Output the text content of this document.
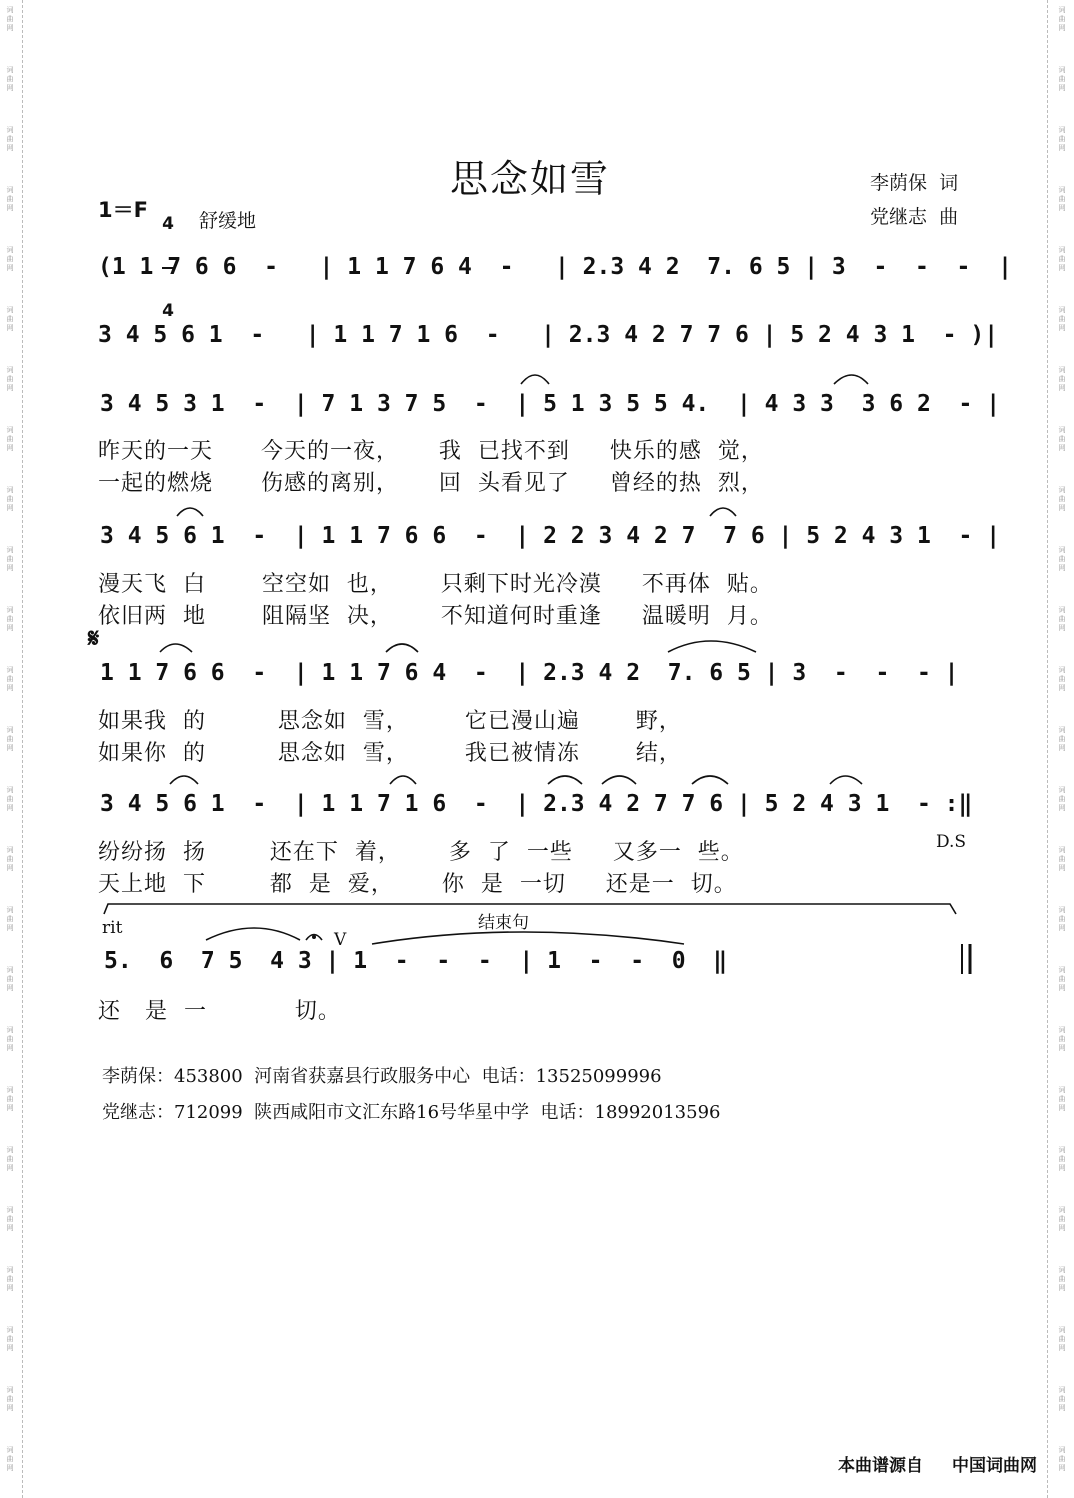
词曲网
词曲网
词曲网
词曲网
词曲网
词曲网
词曲网
词曲网
词曲网
词曲网
词曲网
词曲网
词曲网
词曲网
词曲网
词曲网
词曲网
词曲网
词曲网
词曲网
词曲网
词曲网
词曲网
词曲网
词曲网
词曲网
词曲网
词曲网
词曲网
词曲网
词曲网
词曲网
词曲网
词曲网
词曲网
词曲网
词曲网
词曲网
词曲网
词曲网
词曲网
词曲网
词曲网
词曲网
词曲网
词曲网
词曲网
词曲网
词曲网
词曲网
思念如雪	李荫保  词
党继志  曲
1＝F

4

4

舒缓地
(1 1 7 6 6  -   | 1 1 7 6 4  -   | 2.3 4 2  7. 6 5 | 3  -  -  -  |
3 4 5 6 1  -   | 1 1 7 1 6  -   | 2.3 4 2 7 7 6 | 5 2 4 3 1  - )|
3 4 5 3 1  -  | 7 1 3 7 5  -  | 5 1 3 5 5 4.  | 4 3 3  3 6 2  - |
昨天的一天      今天的一夜，     我  已找不到     快乐的感  觉，
一起的燃烧      伤感的离别，     回  头看见了     曾经的热  烈，
3 4 5 6 1  -  | 1 1 7 6 6  -  | 2 2 3 4 2 7  7 6 | 5 2 4 3 1  - |
漫天飞  白       空空如  也，      只剩下时光冷漠     不再体  贴。
依旧两  地       阻隔坚  决，      不知道何时重逢     温暖明  月。
𝄋
1 1 7 6 6  -  | 1 1 7 6 4  -  | 2.3 4 2  7. 6 5 | 3  -  -  - |
如果我  的         思念如  雪，       它已漫山遍       野，
如果你  的         思念如  雪，       我已被情冻       结，
3 4 5 6 1  -  | 1 1 7 1 6  -  | 2.3 4 2 7 7 6 | 5 2 4 3 1  - :‖
纷纷扬  扬        还在下  着，      多  了  一些     又多一  些。
天上地  下        都  是  爱，      你  是  一切     还是一  切。
D.S
结束句
rit
V
5.  6  7 5  4 3 | 1  -  -  -  | 1  -  -  0  ‖
还   是  一           切。
李荫保：453800  河南省获嘉县行政服务中心  电话：13525099996
党继志：712099  陕西咸阳市文汇东路16号华星中学  电话：18992013596
本曲谱源自 中国词曲网
